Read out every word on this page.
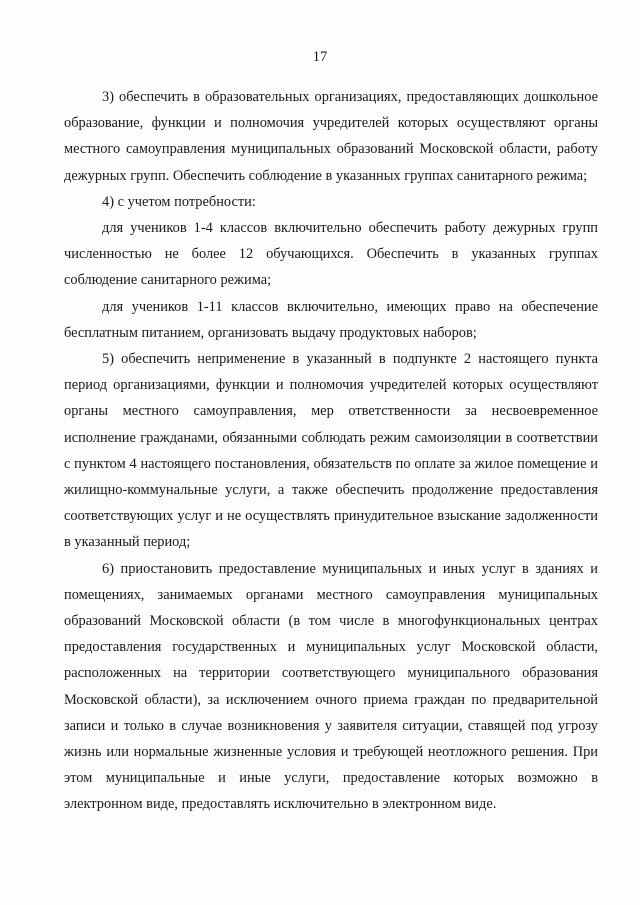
17

3) обеспечить в образовательных организациях, предоставляющих дошкольное образование, функции и полномочия учредителей которых осуществляют органы местного самоуправления муниципальных образований Московской области, работу дежурных групп. Обеспечить соблюдение в указанных группах санитарного режима;

4) с учетом потребности:

для учеников 1-4 классов включительно обеспечить работу дежурных групп численностью не более 12 обучающихся. Обеспечить в указанных группах соблюдение санитарного режима;

для учеников 1-11 классов включительно, имеющих право на обеспечение бесплатным питанием, организовать выдачу продуктовых наборов;

5) обеспечить неприменение в указанный в подпункте 2 настоящего пункта период организациями, функции и полномочия учредителей которых осуществляют органы местного самоуправления, мер ответственности за несвоевременное исполнение гражданами, обязанными соблюдать режим самоизоляции в соответствии с пунктом 4 настоящего постановления, обязательств по оплате за жилое помещение и жилищно-коммунальные услуги, а также обеспечить продолжение предоставления соответствующих услуг и не осуществлять принудительное взыскание задолженности в указанный период;

6) приостановить предоставление муниципальных и иных услуг в зданиях и помещениях, занимаемых органами местного самоуправления муниципальных образований Московской области (в том числе в многофункциональных центрах предоставления государственных и муниципальных услуг Московской области, расположенных на территории соответствующего муниципального образования Московской области), за исключением очного приема граждан по предварительной записи и только в случае возникновения у заявителя ситуации, ставящей под угрозу жизнь или нормальные жизненные условия и требующей неотложного решения. При этом муниципальные и иные услуги, предоставление которых возможно в электронном виде, предоставлять исключительно в электронном виде.
